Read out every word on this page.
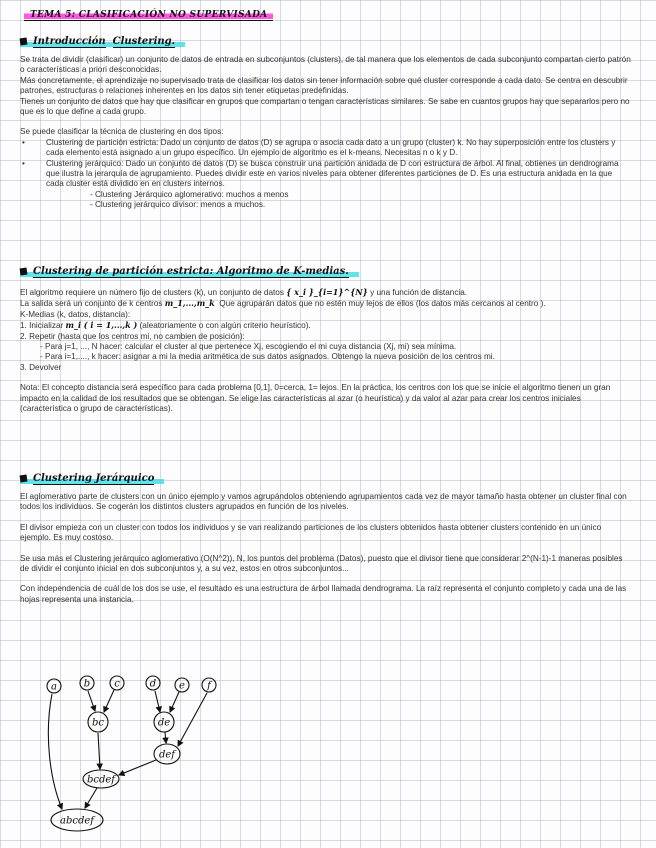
TEMA 5: CLASIFICACIÓN NO SUPERVISADA
Introducción Clustering.

Se trata de dividir (clasificar) un conjunto de datos de entrada en subconjuntos (clusters), de tal manera que los elementos de cada subconjunto compartan cierto patrón o características a priori desconocidas.

Más concretamente, el aprendizaje no supervisado trata de clasificar los datos sin tener información sobre qué cluster corresponde a cada dato. Se centra en descubrir patrones, estructuras o relaciones inherentes en los datos sin tener etiquetas predefinidas.

Tienes un conjunto de datos que hay que clasificar en grupos que compartan o tengan características similares. Se sabe en cuantos grupos hay que separarlos pero no que es lo que define a cada grupo.

Se puede clasificar la técnica de clustering en dos tipos:

•	Clustering de partición estricta: Dado un conjunto de datos (D) se agrupa o asocia cada dato a un grupo (cluster) k. No hay superposición entre los clusters y cada elemento está asignado a un grupo específico. Un ejemplo de algoritmo es el k-means. Necesitas n o k y D.
•	Clustering jerárquico: Dado un conjunto de datos (D) se busca construir una partición anidada de D con estructura de árbol. Al final, obtienes un dendrograma que ilustra la jerarquía de agrupamiento. Puedes dividir este en varios niveles para obtener diferentes particiones de D. Es una estructura anidada en la que cada cluster está dividido en en clusters internos.
- Clustering Jerárquico aglomerativo: muchos a menos
- Clustering jerárquico divisor: menos a muchos.
Clustering de partición estricta: Algoritmo de K-medias.

El algoritmo requiere un número fijo de clusters (k), un conjunto de datos { x_i }_{i=1}^{N} y una función de distancia.

La salida será un conjunto de k centros m_1,...,m_k Que agruparán datos que no estén muy lejos de ellos (los datos más cercanos al centro ).

K-Medias (k, datos, distancia):

1. Inicializar m_i ( i = 1,...,k ) (aleatoriamente o con algún criterio heurístico).

2. Repetir (hasta que los centros mi, no cambien de posición):

- Para j=1, ..., N hacer: calcular el cluster al que pertenece Xj, escogiendo el mi cuya distancia (Xj, mi) sea mínima.

- Para i=1,...., k hacer: asignar a mi la media aritmética de sus datos asignados. Obtengo la nueva posición de los centros mi.

3. Devolver

Nota: El concepto distancia será específico para cada problema [0,1], 0=cerca, 1= lejos. En la práctica, los centros con los que se inicie el algoritmo tienen un gran impacto en la calidad de los resultados que se obtengan. Se elige las características al azar (o heurística) y da valor al azar para crear los centros iniciales (característica o grupo de características).

Clustering Jerárquico

El aglomerativo parte de clusters con un único ejemplo y vamos agrupándolos obteniendo agrupamientos cada vez de mayor tamaño hasta obtener un cluster final con todos los individuos. Se cogerán los distintos clusters agrupados en función de los niveles.

El divisor empieza con un cluster con todos los individuos y se van realizando particiones de los clusters obtenidos hasta obtener clusters contenido en un único ejemplo. Es muy costoso.

Se usa más el Clustering jerárquico aglomerativo (O(N^2)), N, los puntos del problema (Datos), puesto que el divisor tiene que considerar 2^(N-1)-1 maneras posibles de dividir el conjunto inicial en dos subconjuntos y, a su vez, estos en otros subconjuntos...

Con independencia de cuál de los dos se use, el resultado es una estructura de árbol llamada dendrograma. La raíz representa el conjunto completo y cada una de las hojas representa una instancia.

a	b c	d e f
bc	de
def
bcdef
abcdef
